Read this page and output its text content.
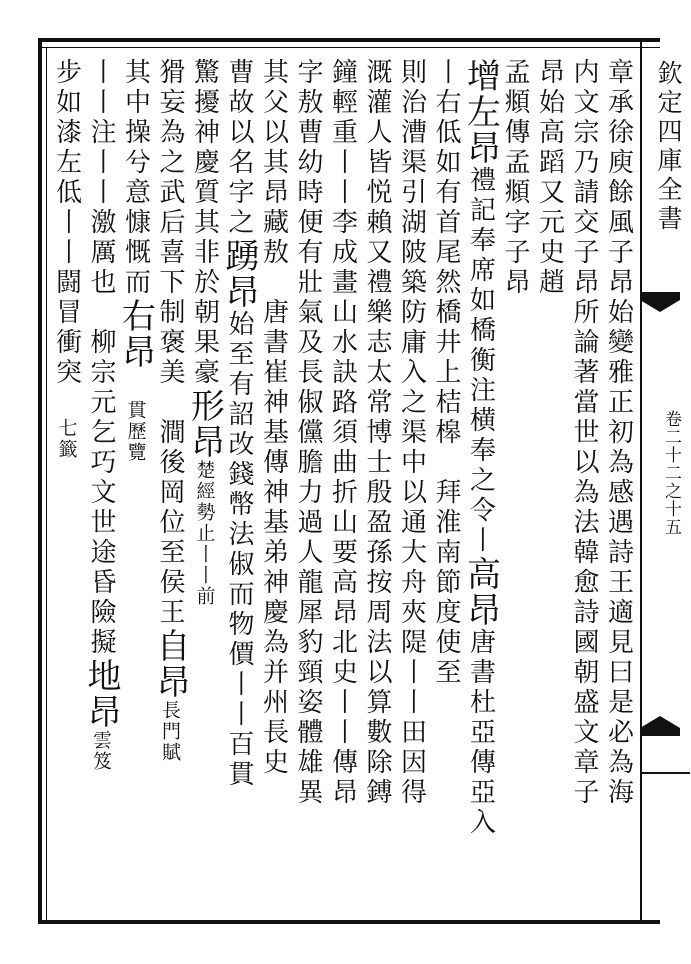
欽定四庫全書
卷二十二之十五
章承徐庾餘風子昂始變雅正初為感遇詩王適見曰是必為海
内文宗乃請交子昂所論著當世以為法韓愈詩國朝盛文章子
昂始高蹈又元史趙
孟頫傳孟頫字子昂
增左昂禮記奉席如橋衡注横奉之令丨高昂唐書杜亞傳亞入
丨右低如有首尾然橋井上桔槔　拜淮南節度使至
則治漕渠引湖陂築防庸入之渠中以通大舟夾隄丨丨田因得
溉灌人皆悦賴又禮樂志太常博士殷盈孫按周法以算數除鎛
鐘輕重丨丨李成畫山水訣路須曲折山要高昂北史丨丨傳昂
字敖曹幼時便有壯氣及長俶儻膽力過人龍犀豹頸姿體雄異
其父以其昂藏敖　唐書崔神基傳神基弟神慶為并州長史
曹故以名字之踴昂始至有詔改錢幣法俶而物價丨丨百貫
驚擾神慶質其非於朝果豪形昂楚經勢止丨丨前
猾妄為之武后喜下制褒美　澗後岡位至侯王自昂長門賦
其中操兮意慷慨而右昂　貫歷覽
丨丨注丨丨激厲也　柳宗元乞巧文世途昏險擬地昂雲笈
步如漆左低丨丨闘冒衝突　七籤
